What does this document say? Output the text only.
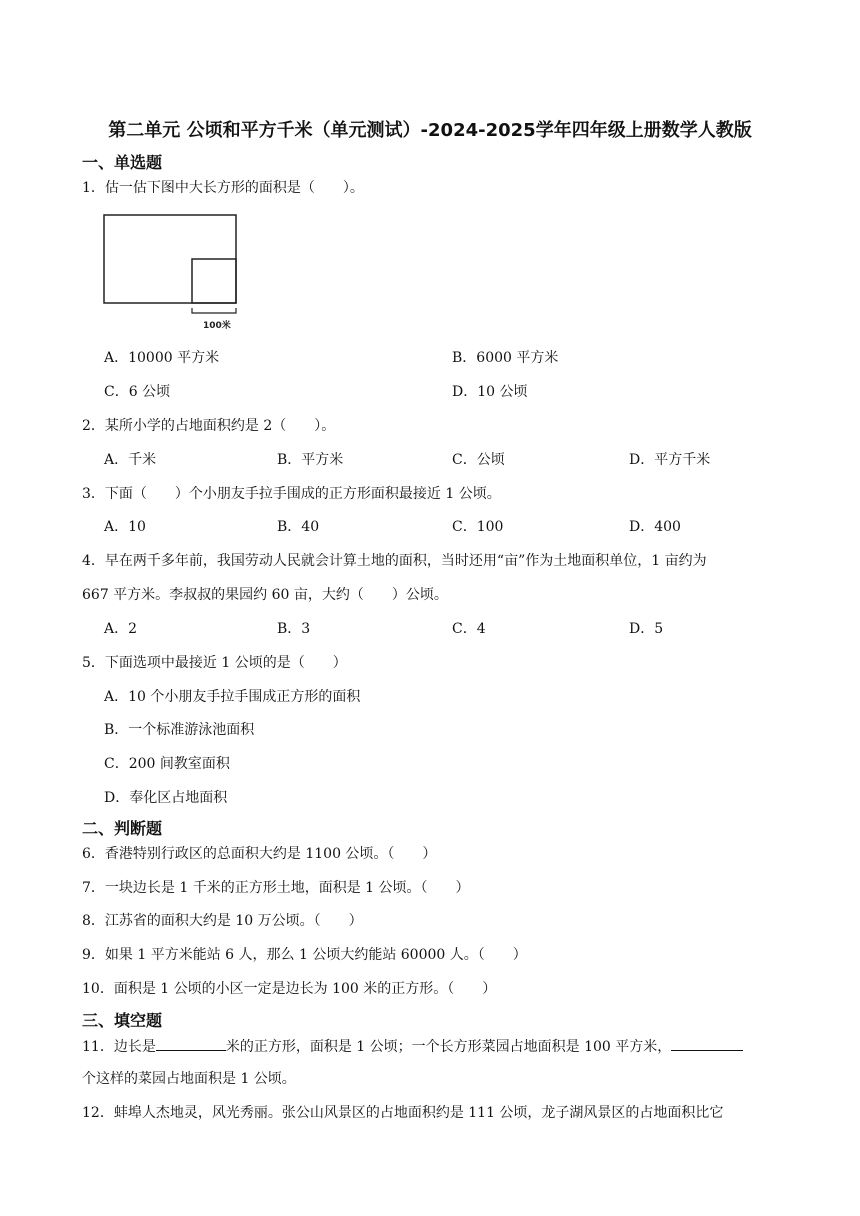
第二单元 公顷和平方千米（单元测试）-2024-2025学年四年级上册数学人教版
一、单选题
1．估一估下图中大长方形的面积是（　　）。
100米
A．10000 平方米	B．6000 平方米
C．6 公顷	D．10 公顷
2．某所小学的占地面积约是 2（　　）。
A．千米	B．平方米	C．公顷	D．平方千米
3．下面（　　）个小朋友手拉手围成的正方形面积最接近 1 公顷。
A．10	B．40	C．100	D．400
4．早在两千多年前，我国劳动人民就会计算土地的面积，当时还用“亩”作为土地面积单位，1 亩约为
667 平方米。李叔叔的果园约 60 亩，大约（　　）公顷。
A．2	B．3	C．4	D．5
5．下面选项中最接近 1 公顷的是（　　）
A．10 个小朋友手拉手围成正方形的面积
B．一个标准游泳池面积
C．200 间教室面积
D．奉化区占地面积
二、判断题
6．香港特别行政区的总面积大约是 1100 公顷。（　　）
7．一块边长是 1 千米的正方形土地，面积是 1 公顷。（　　）
8．江苏省的面积大约是 10 万公顷。（　　）
9．如果 1 平方米能站 6 人，那么 1 公顷大约能站 60000 人。（　　）
10．面积是 1 公顷的小区一定是边长为 100 米的正方形。（　　）
三、填空题
11．边长是	米的正方形，面积是 1 公顷；一个长方形菜园占地面积是 100 平方米，
个这样的菜园占地面积是 1 公顷。
12．蚌埠人杰地灵，风光秀丽。张公山风景区的占地面积约是 111 公顷，龙子湖风景区的占地面积比它
